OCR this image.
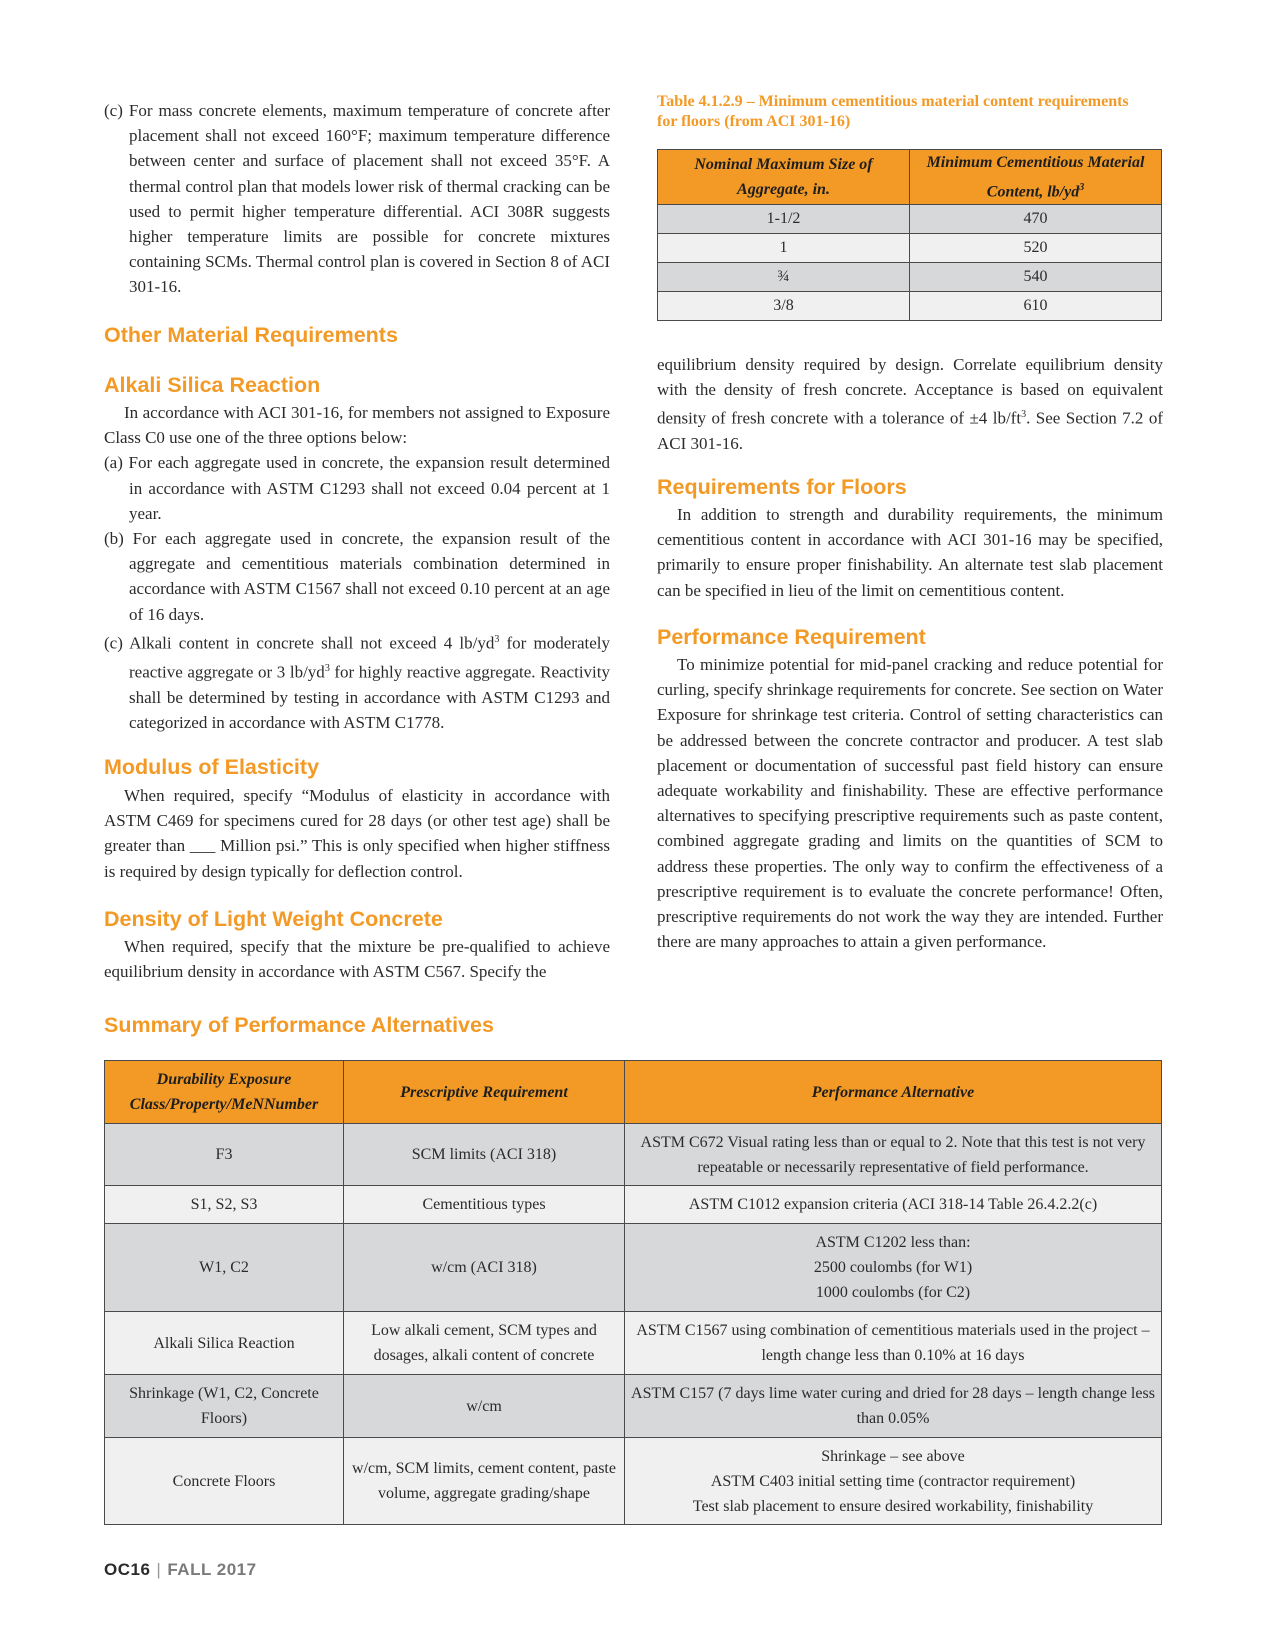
(c) For mass concrete elements, maximum temperature of concrete after placement shall not exceed 160°F; maximum temperature difference between center and surface of placement shall not exceed 35°F. A thermal control plan that models lower risk of thermal cracking can be used to permit higher temperature differential. ACI 308R suggests higher temperature limits are possible for concrete mixtures containing SCMs. Thermal control plan is covered in Section 8 of ACI 301-16.

Other Material Requirements
Alkali Silica Reaction

In accordance with ACI 301-16, for members not assigned to Exposure Class C0 use one of the three options below:

(a) For each aggregate used in concrete, the expansion result determined in accordance with ASTM C1293 shall not exceed 0.04 percent at 1 year.

(b) For each aggregate used in concrete, the expansion result of the aggregate and cementitious materials combination determined in accordance with ASTM C1567 shall not exceed 0.10 percent at an age of 16 days.

(c) Alkali content in concrete shall not exceed 4 $lb/yd^3$ for moderately reactive aggregate or 3 $lb/yd^3$ for highly reactive aggregate. Reactivity shall be determined by testing in accordance with ASTM C1293 and categorized in accordance with ASTM C1778.

Modulus of Elasticity

When required, specify “Modulus of elasticity in accordance with ASTM C469 for specimens cured for 28 days (or other test age) shall be greater than ___ Million psi.” This is only specified when higher stiffness is required by design typically for deflection control.

Density of Light Weight Concrete

When required, specify that the mixture be pre-qualified to achieve equilibrium density in accordance with ASTM C567. Specify the

Table 4.1.2.9 – Minimum cementitious material content requirements for floors (from ACI 301-16)
Nominal Maximum Size of Aggregate, in.	Minimum Cementitious Material Content, $lb/yd^3$
1-1/2	470
1	520
¾	540
3/8	610

equilibrium density required by design. Correlate equilibrium density with the density of fresh concrete. Acceptance is based on equivalent density of fresh concrete with a tolerance of ±4 $lb/ft^3$. See Section 7.2 of ACI 301-16.

Requirements for Floors

In addition to strength and durability requirements, the minimum cementitious content in accordance with ACI 301-16 may be specified, primarily to ensure proper finishability. An alternate test slab placement can be specified in lieu of the limit on cementitious content.

Performance Requirement

To minimize potential for mid-panel cracking and reduce potential for curling, specify shrinkage requirements for concrete. See section on Water Exposure for shrinkage test criteria. Control of setting characteristics can be addressed between the concrete contractor and producer. A test slab placement or documentation of successful past field history can ensure adequate workability and finishability. These are effective performance alternatives to specifying prescriptive requirements such as paste content, combined aggregate grading and limits on the quantities of SCM to address these properties. The only way to confirm the effectiveness of a prescriptive requirement is to evaluate the concrete performance! Often, prescriptive requirements do not work the way they are intended. Further there are many approaches to attain a given performance.

Summary of Performance Alternatives
Durability Exposure Class/Property/MeNNumber	Prescriptive Requirement	Performance Alternative
F3	SCM limits (ACI 318)	ASTM C672 Visual rating less than or equal to 2. Note that this test is not very repeatable or necessarily representative of field performance.

S1, S2, S3	Cementitious types	ASTM C1012 expansion criteria (ACI 318-14 Table 26.4.2.2(c)

W1, C2	w/cm (ACI 318)	ASTM C1202 less than:
2500 coulombs (for W1)
1000 coulombs (for C2)

Alkali Silica Reaction	Low alkali cement, SCM types and dosages, alkali content of concrete	ASTM C1567 using combination of cementitious materials used in the project – length change less than 0.10% at 16 days

Shrinkage (W1, C2, Concrete Floors)	w/cm	ASTM C157 (7 days lime water curing and dried for 28 days – length change less than 0.05%

Concrete Floors	w/cm, SCM limits, cement content, paste volume, aggregate grading/shape	Shrinkage – see above
ASTM C403 initial setting time (contractor requirement)
Test slab placement to ensure desired workability, finishability
OC16 | FALL 2017
